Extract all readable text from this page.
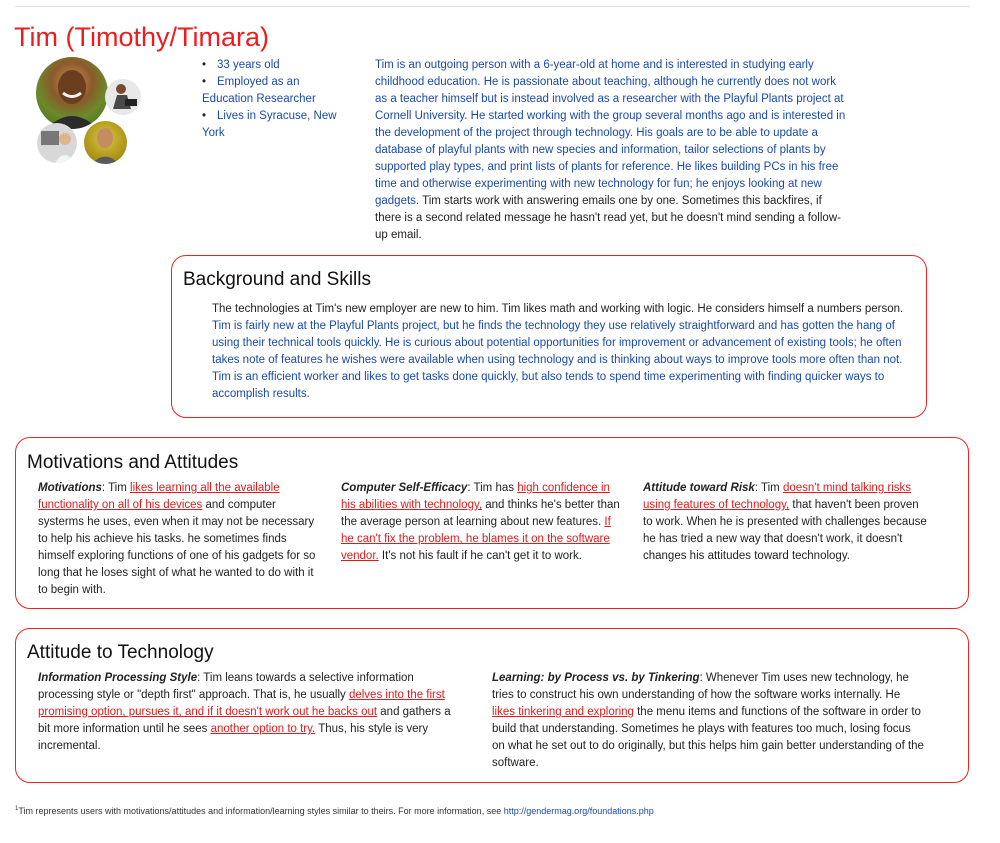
Tim (Timothy/Timara)
• 33 years old
• Employed as an Education Researcher
• Lives in Syracuse, New York
Tim is an outgoing person with a 6-year-old at home and is interested in studying early childhood education. He is passionate about teaching, although he currently does not work as a teacher himself but is instead involved as a researcher with the Playful Plants project at Cornell University. He started working with the group several months ago and is interested in the development of the project through technology. His goals are to be able to update a database of playful plants with new species and information, tailor selections of plants by supported play types, and print lists of plants for reference. He likes building PCs in his free time and otherwise experimenting with new technology for fun; he enjoys looking at new gadgets. Tim starts work with answering emails one by one. Sometimes this backfires, if there is a second related message he hasn't read yet, but he doesn't mind sending a follow-up email.
Background and Skills
The technologies at Tim's new employer are new to him. Tim likes math and working with logic. He considers himself a numbers person. Tim is fairly new at the Playful Plants project, but he finds the technology they use relatively straightforward and has gotten the hang of using their technical tools quickly. He is curious about potential opportunities for improvement or advancement of existing tools; he often takes note of features he wishes were available when using technology and is thinking about ways to improve tools more often than not. Tim is an efficient worker and likes to get tasks done quickly, but also tends to spend time experimenting with finding quicker ways to accomplish results.
Motivations and Attitudes
Motivations: Tim likes learning all the available functionality on all of his devices and computer systerms he uses, even when it may not be necessary to help his achieve his tasks. he sometimes finds himself exploring functions of one of his gadgets for so long that he loses sight of what he wanted to do with it to begin with.
Computer Self-Efficacy: Tim has high confidence in his abilities with technology, and thinks he's better than the average person at learning about new features. If he can't fix the problem, he blames it on the software vendor. It's not his fault if he can't get it to work.
Attitude toward Risk: Tim doesn't mind talking risks using features of technology, that haven't been proven to work. When he is presented with challenges because he has tried a new way that doesn't work, it doesn't changes his attitudes toward technology.
Attitude to Technology
Information Processing Style: Tim leans towards a selective information processing style or "depth first" approach. That is, he usually delves into the first promising option, pursues it, and if it doesn't work out he backs out and gathers a bit more information until he sees another option to try. Thus, his style is very incremental.
Learning: by Process vs. by Tinkering: Whenever Tim uses new technology, he tries to construct his own understanding of how the software works internally. He likes tinkering and exploring the menu items and functions of the software in order to build that understanding. Sometimes he plays with features too much, losing focus on what he set out to do originally, but this helps him gain better understanding of the software.
$^1$Tim represents users with motivations/attitudes and information/learning styles similar to theirs. For more information, see http://gendermag.org/foundations.php
